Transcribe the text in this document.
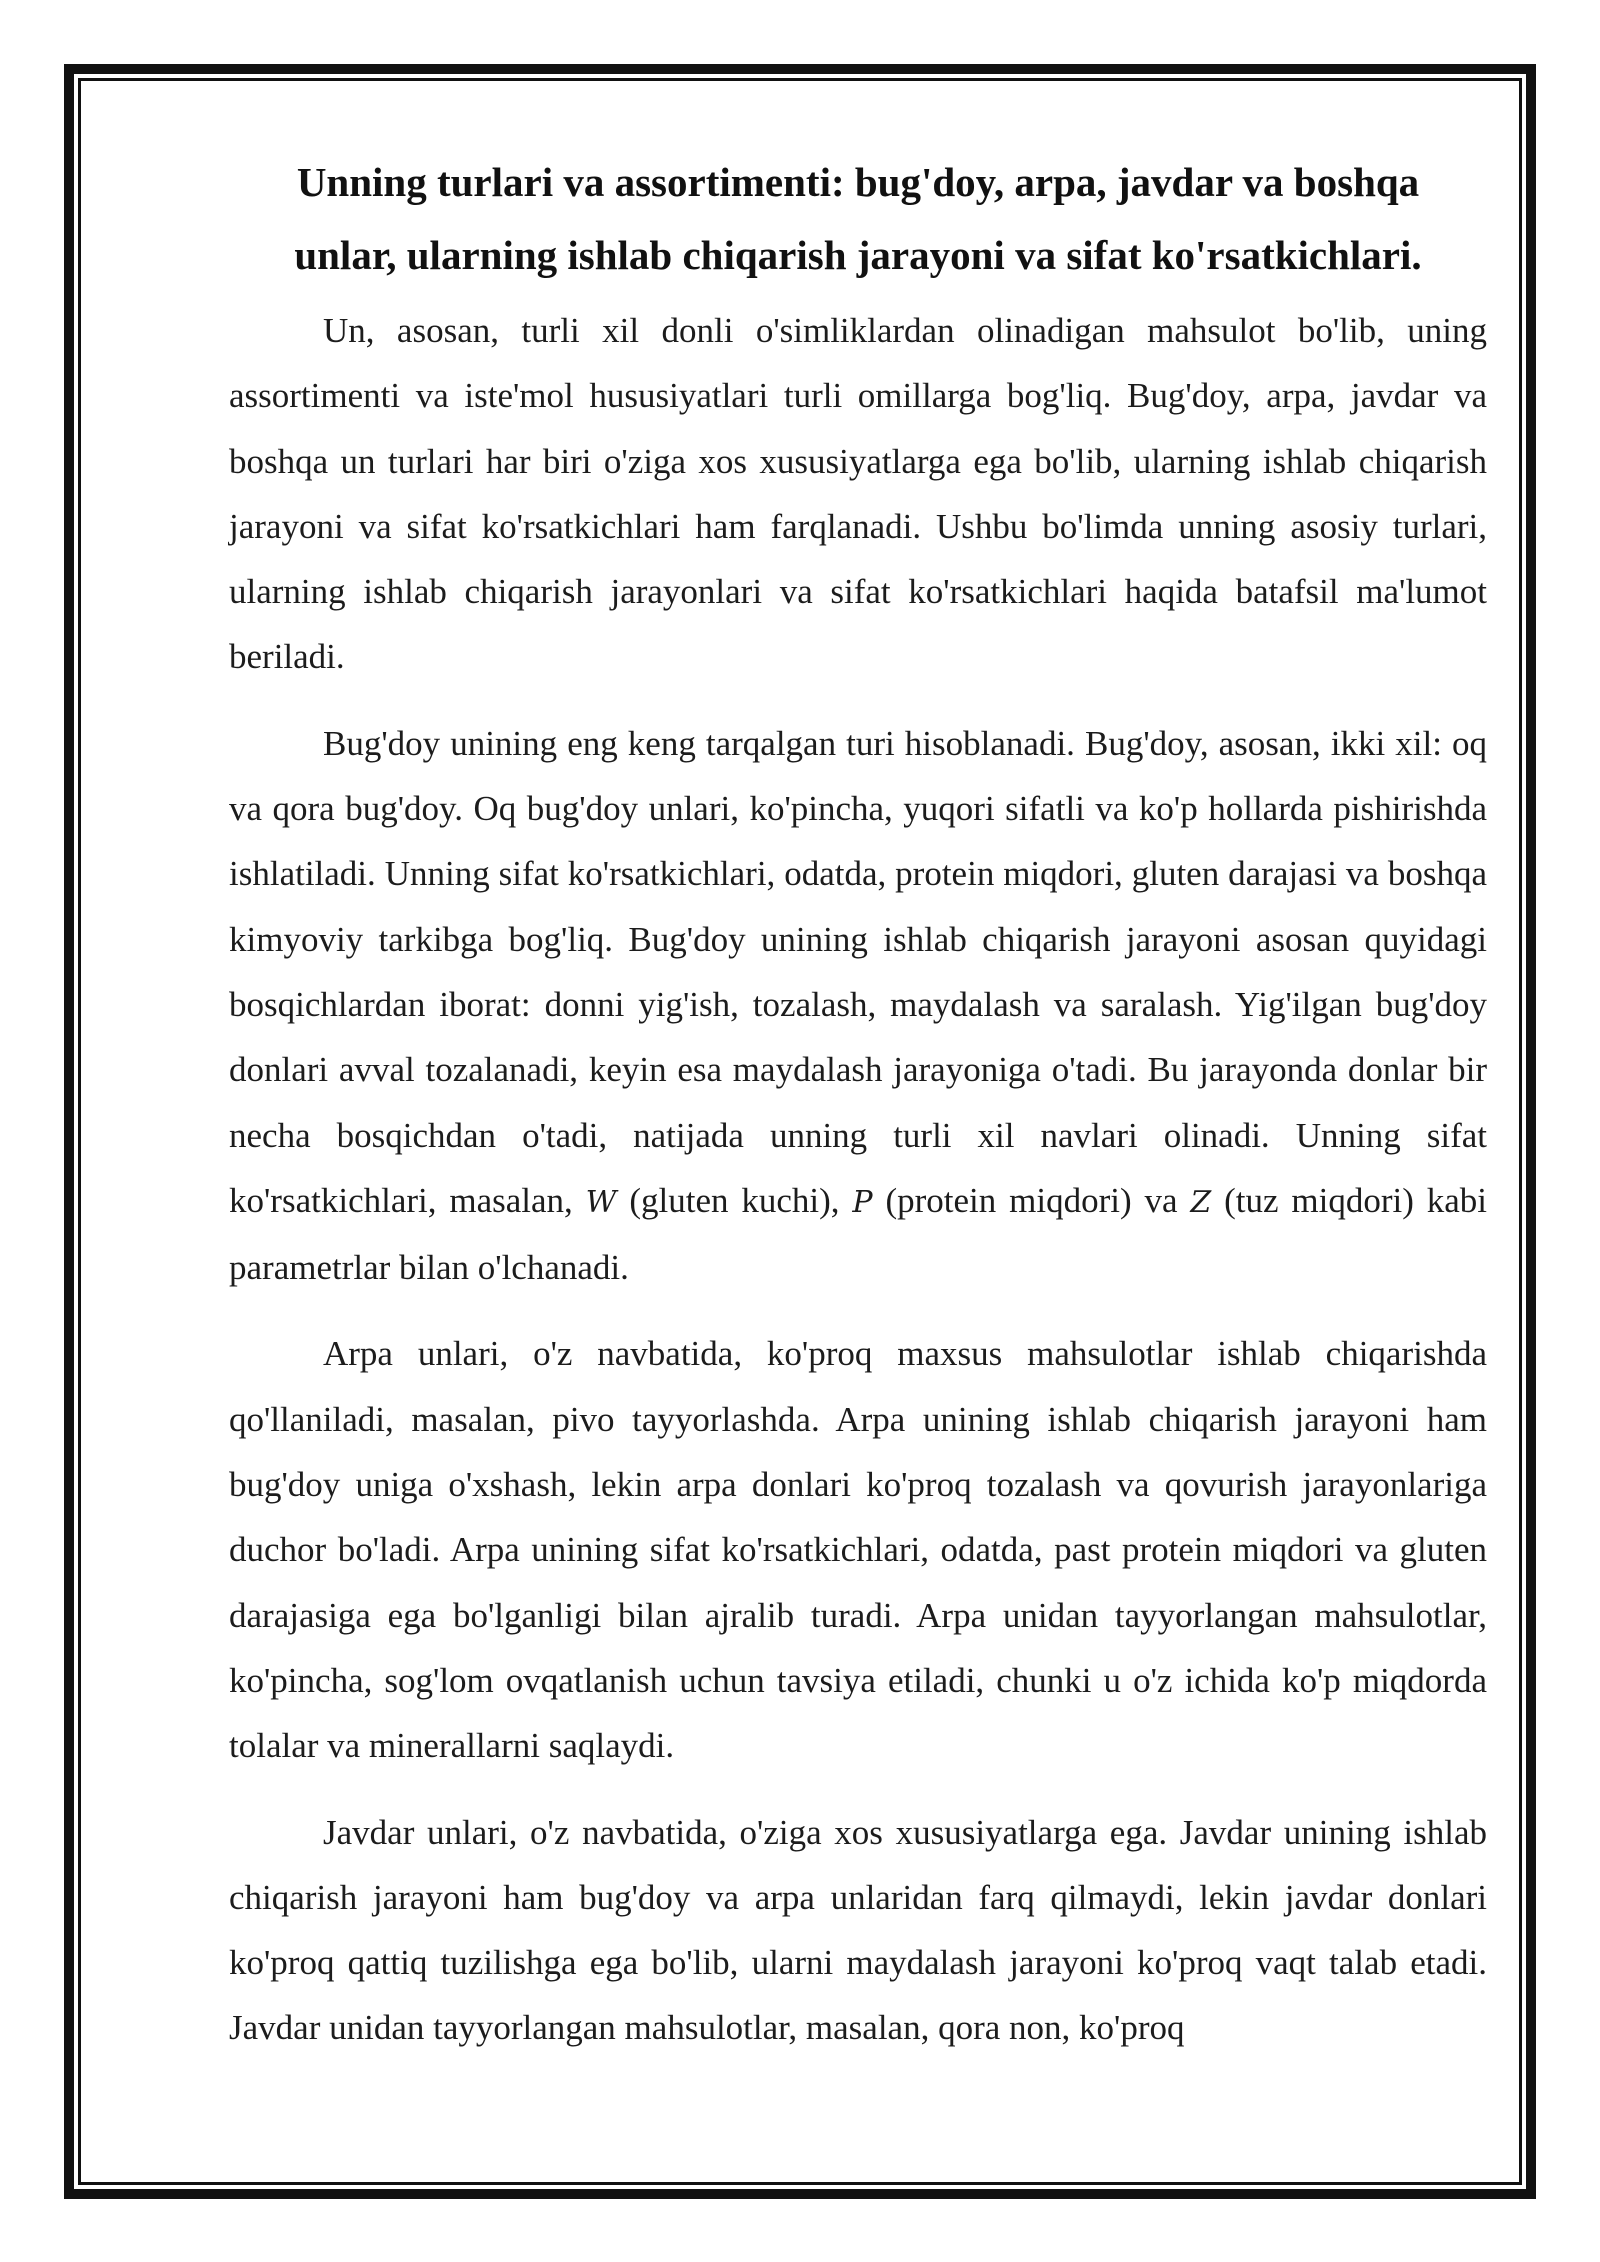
Unning turlari va assortimenti: bug'doy, arpa, javdar va boshqa unlar, ularning ishlab chiqarish jarayoni va sifat ko'rsatkichlari.

Un, asosan, turli xil donli o'simliklardan olinadigan mahsulot bo'lib, uning assortimenti va iste'mol hususiyatlari turli omillarga bog'liq. Bug'doy, arpa, javdar va boshqa un turlari har biri o'ziga xos xususiyatlarga ega bo'lib, ularning ishlab chiqarish jarayoni va sifat ko'rsatkichlari ham farqlanadi. Ushbu bo'limda unning asosiy turlari, ularning ishlab chiqarish jarayonlari va sifat ko'rsatkichlari haqida batafsil ma'lumot beriladi.

Bug'doy unining eng keng tarqalgan turi hisoblanadi. Bug'doy, asosan, ikki xil: oq va qora bug'doy. Oq bug'doy unlari, ko'pincha, yuqori sifatli va ko'p hollarda pishirishda ishlatiladi. Unning sifat ko'rsatkichlari, odatda, protein miqdori, gluten darajasi va boshqa kimyoviy tarkibga bog'liq. Bug'doy unining ishlab chiqarish jarayoni asosan quyidagi bosqichlardan iborat: donni yig'ish, tozalash, maydalash va saralash. Yig'ilgan bug'doy donlari avval tozalanadi, keyin esa maydalash jarayoniga o'tadi. Bu jarayonda donlar bir necha bosqichdan o'tadi, natijada unning turli xil navlari olinadi. Unning sifat ko'rsatkichlari, masalan, W (gluten kuchi), P (protein miqdori) va Z (tuz miqdori) kabi parametrlar bilan o'lchanadi.

Arpa unlari, o'z navbatida, ko'proq maxsus mahsulotlar ishlab chiqarishda qo'llaniladi, masalan, pivo tayyorlashda. Arpa unining ishlab chiqarish jarayoni ham bug'doy uniga o'xshash, lekin arpa donlari ko'proq tozalash va qovurish jarayonlariga duchor bo'ladi. Arpa unining sifat ko'rsatkichlari, odatda, past protein miqdori va gluten darajasiga ega bo'lganligi bilan ajralib turadi. Arpa unidan tayyorlangan mahsulotlar, ko'pincha, sog'lom ovqatlanish uchun tavsiya etiladi, chunki u o'z ichida ko'p miqdorda tolalar va minerallarni saqlaydi.

Javdar unlari, o'z navbatida, o'ziga xos xususiyatlarga ega. Javdar unining ishlab chiqarish jarayoni ham bug'doy va arpa unlaridan farq qilmaydi, lekin javdar donlari ko'proq qattiq tuzilishga ega bo'lib, ularni maydalash jarayoni ko'proq vaqt talab etadi. Javdar unidan tayyorlangan mahsulotlar, masalan, qora non, ko'proq
